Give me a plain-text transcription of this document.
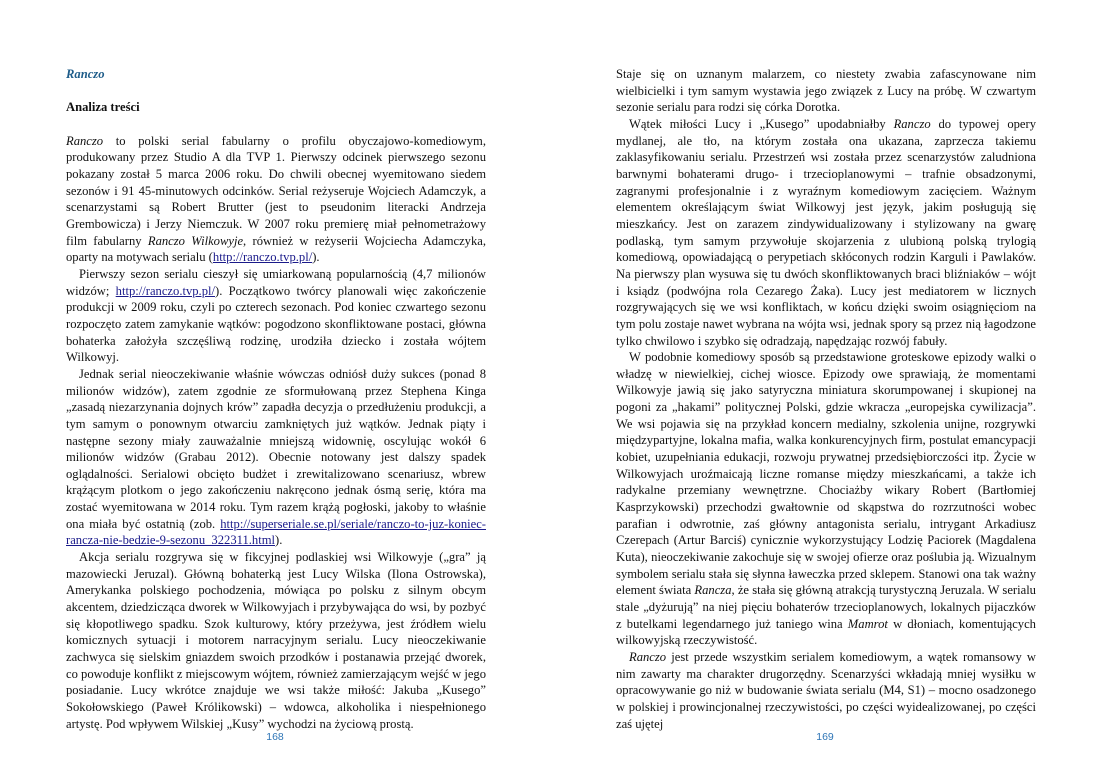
Ranczo

Analiza treści

Ranczo to polski serial fabularny o profilu obyczajowo-komediowym, produkowany przez Studio A dla TVP 1. Pierwszy odcinek pierwszego sezonu pokazany został 5 marca 2006 roku. Do chwili obecnej wyemitowano siedem sezonów i 91 45-minutowych odcinków. Serial reżyseruje Wojciech Adamczyk, a scenarzystami są Robert Brutter (jest to pseudonim literacki Andrzeja Grembowicza) i Jerzy Niemczuk. W 2007 roku premierę miał pełnometrażowy film fabularny Ranczo Wilkowyje, również w reżyserii Wojciecha Adamczyka, oparty na motywach serialu (http://ranczo.tvp.pl/).

Pierwszy sezon serialu cieszył się umiarkowaną popularnością (4,7 milionów widzów; http://ranczo.tvp.pl/). Początkowo twórcy planowali więc zakończenie produkcji w 2009 roku, czyli po czterech sezonach. Pod koniec czwartego sezonu rozpoczęto zatem zamykanie wątków: pogodzono skonfliktowane postaci, główna bohaterka założyła szczęśliwą rodzinę, urodziła dziecko i została wójtem Wilkowyj.

Jednak serial nieoczekiwanie właśnie wówczas odniósł duży sukces (ponad 8 milionów widzów), zatem zgodnie ze sformułowaną przez Stephena Kinga „zasadą niezarzynania dojnych krów” zapadła decyzja o przedłużeniu produkcji, a tym samym o ponownym otwarciu zamkniętych już wątków. Jednak piąty i następne sezony miały zauważalnie mniejszą widownię, oscylując wokół 6 milionów widzów (Grabau 2012). Obecnie notowany jest dalszy spadek oglądalności. Serialowi obcięto budżet i zrewitalizowano scenariusz, wbrew krążącym plotkom o jego zakończeniu nakręcono jednak ósmą serię, która ma zostać wyemitowana w 2014 roku. Tym razem krążą pogłoski, jakoby to właśnie ona miała być ostatnią (zob. http://superseriale.se.pl/seriale/ranczo-to-juz-koniec-rancza-nie-bedzie-9-sezonu_322311.html).

Akcja serialu rozgrywa się w fikcyjnej podlaskiej wsi Wilkowyje („gra” ją mazowiecki Jeruzal). Główną bohaterką jest Lucy Wilska (Ilona Ostrowska), Amerykanka polskiego pochodzenia, mówiąca po polsku z silnym obcym akcentem, dziedzicząca dworek w Wilkowyjach i przybywająca do wsi, by pozbyć się kłopotliwego spadku. Szok kulturowy, który przeżywa, jest źródłem wielu komicznych sytuacji i motorem narracyjnym serialu. Lucy nieoczekiwanie zachwyca się sielskim gniazdem swoich przodków i postanawia przejąć dworek, co powoduje konflikt z miejscowym wójtem, również zamierzającym wejść w jego posiadanie. Lucy wkrótce znajduje we wsi także miłość: Jakuba „Kusego” Sokołowskiego (Paweł Królikowski) – wdowca, alkoholika i niespełnionego artystę. Pod wpływem Wilskiej „Kusy” wychodzi na życiową prostą.

168

Staje się on uznanym malarzem, co niestety zwabia zafascynowane nim wielbicielki i tym samym wystawia jego związek z Lucy na próbę. W czwartym sezonie serialu para rodzi się córka Dorotka.

Wątek miłości Lucy i „Kusego” upodabniałby Ranczo do typowej opery mydlanej, ale tło, na którym została ona ukazana, zaprzecza takiemu zaklasyfikowaniu serialu. Przestrzeń wsi została przez scenarzystów zaludniona barwnymi bohaterami drugo- i trzecioplanowymi – trafnie obsadzonymi, zagranymi profesjonalnie i z wyraźnym komediowym zacięciem. Ważnym elementem określającym świat Wilkowyj jest język, jakim posługują się mieszkańcy. Jest on zarazem zindywidualizowany i stylizowany na gwarę podlaską, tym samym przywołuje skojarzenia z ulubioną polską trylogią komediową, opowiadającą o perypetiach skłóconych rodzin Karguli i Pawlaków. Na pierwszy plan wysuwa się tu dwóch skonfliktowanych braci bliźniaków – wójt i ksiądz (podwójna rola Cezarego Żaka). Lucy jest mediatorem w licznych rozgrywających się we wsi konfliktach, w końcu dzięki swoim osiągnięciom na tym polu zostaje nawet wybrana na wójta wsi, jednak spory są przez nią łagodzone tylko chwilowo i szybko się odradzają, napędzając rozwój fabuły.

W podobnie komediowy sposób są przedstawione groteskowe epizody walki o władzę w niewielkiej, cichej wiosce. Epizody owe sprawiają, że momentami Wilkowyje jawią się jako satyryczna miniatura skorumpowanej i skupionej na pogoni za „hakami” politycznej Polski, gdzie wkracza „europejska cywilizacja”. We wsi pojawia się na przykład koncern medialny, szkolenia unijne, rozgrywki międzypartyjne, lokalna mafia, walka konkurencyjnych firm, postulat emancypacji kobiet, uzupełniania edukacji, rozwoju prywatnej przedsiębiorczości itp. Życie w Wilkowyjach uroźmaicają liczne romanse między mieszkańcami, a także ich radykalne przemiany wewnętrzne. Chociażby wikary Robert (Bartłomiej Kasprzykowski) przechodzi gwałtownie od skąpstwa do rozrzutności wobec parafian i odwrotnie, zaś główny antagonista serialu, intrygant Arkadiusz Czerepach (Artur Barciś) cynicznie wykorzystujący Lodzię Paciorek (Magdalena Kuta), nieoczekiwanie zakochuje się w swojej ofierze oraz poślubia ją. Wizualnym symbolem serialu stała się słynna ławeczka przed sklepem. Stanowi ona tak ważny element świata Rancza, że stała się główną atrakcją turystyczną Jeruzala. W serialu stale „dyżurują” na niej pięciu bohaterów trzecioplanowych, lokalnych pijaczków z butelkami legendarnego już taniego wina Mamrot w dłoniach, komentujących wilkowyjską rzeczywistość.

Ranczo jest przede wszystkim serialem komediowym, a wątek romansowy w nim zawarty ma charakter drugorzędny. Scenarzyści wkładają mniej wysiłku w opracowywanie go niż w budowanie świata serialu (M4, S1) – mocno osadzonego w polskiej i prowincjonalnej rzeczywistości, po części wyidealizowanej, po części zaś ujętej

169
